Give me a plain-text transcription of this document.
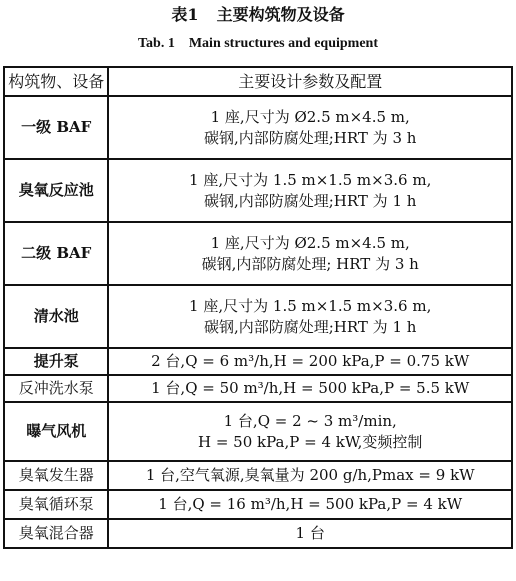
表1 主要构筑物及设备
Tab. 1 Main structures and equipment
构筑物、设备	主要设计参数及配置
一级 BAF	1 座,尺寸为 Ø2.5 m×4.5 m,
碳钢,内部防腐处理;HRT 为 3 h

臭氧反应池	1 座,尺寸为 1.5 m×1.5 m×3.6 m,
碳钢,内部防腐处理;HRT 为 1 h

二级 BAF	1 座,尺寸为 Ø2.5 m×4.5 m,
碳钢,内部防腐处理; HRT 为 3 h

清水池	1 座,尺寸为 1.5 m×1.5 m×3.6 m,
碳钢,内部防腐处理;HRT 为 1 h

提升泵	2 台,Q = 6 m³/h,H = 200 kPa,P = 0.75 kW

反冲洗水泵	1 台,Q = 50 m³/h,H = 500 kPa,P = 5.5 kW

曝气风机	1 台,Q = 2 ~ 3 m³/min,
H = 50 kPa,P = 4 kW,变频控制

臭氧发生器	1 台,空气氧源,臭氧量为 200 g/h,Pmax = 9 kW

臭氧循环泵	1 台,Q = 16 m³/h,H = 500 kPa,P = 4 kW

臭氧混合器	1 台
